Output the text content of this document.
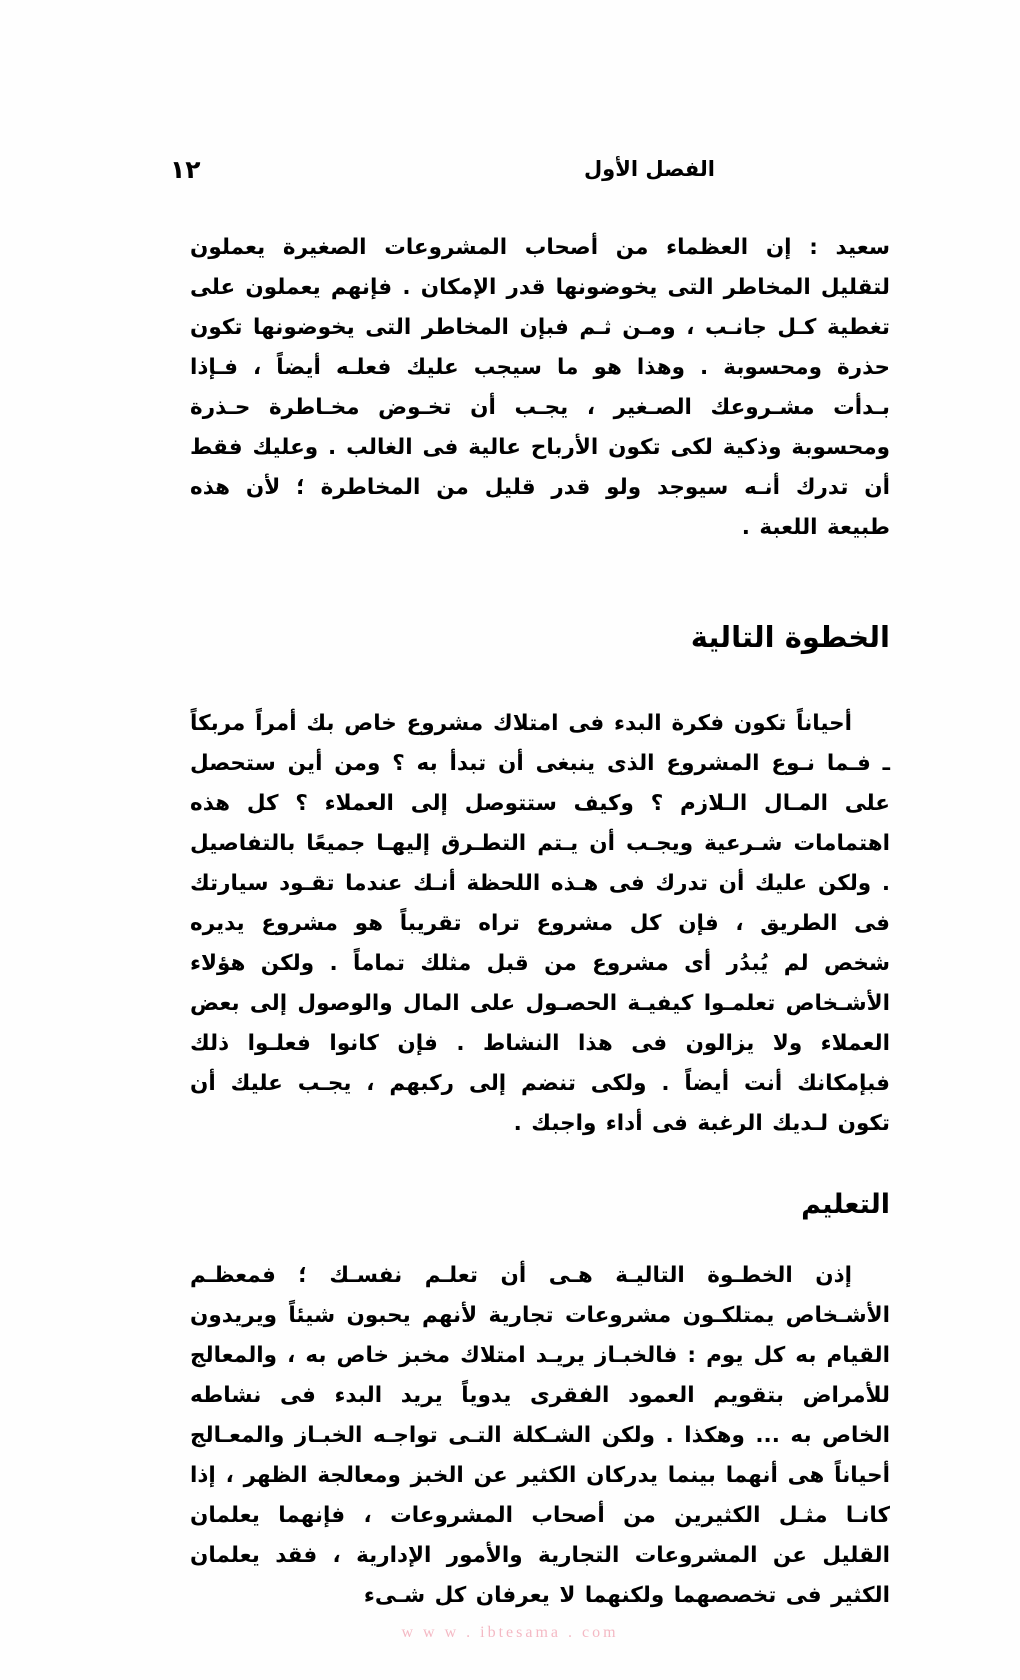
١٢	الفصل الأول

سعيد : إن العظماء من أصحاب المشروعات الصغيرة يعملون لتقليل المخاطر التى يخوضونها قدر الإمكان . فإنهم يعملون على تغطية كـل جانـب ، ومـن ثـم فبإن المخاطر التى يخوضونها تكون حذرة ومحسوبة . وهذا هو ما سيجب عليك فعلـه أيضاً ، فـإذا بـدأت مشـروعك الصـغير ، يجـب أن تخـوض مخـاطرة حـذرة ومحسوبة وذكية لكى تكون الأرباح عالية فى الغالب . وعليك فقط أن تدرك أنـه سيوجد ولو قدر قليل من المخاطرة ؛ لأن هذه طبيعة اللعبة .

الخطوة التالية

أحياناً تكون فكرة البدء فى امتلاك مشروع خاص بك أمراً مربكاً ـ فـما نـوع المشروع الذى ينبغى أن تبدأ به ؟ ومن أين ستحصل على المـال الـلازم ؟ وكيف ستتوصل إلى العملاء ؟ كل هذه اهتمامات شـرعية ويجـب أن يـتم التطـرق إليهـا جميعًا بالتفاصيل . ولكن عليك أن تدرك فى هـذه اللحظة أنـك عندما تقـود سيارتك فى الطريق ، فإن كل مشروع تراه تقريباً هو مشروع يديره شخص لم يُبدُر أى مشروع من قبل مثلك تماماً . ولكن هؤلاء الأشـخاص تعلمـوا كيفيـة الحصـول على المال والوصول إلى بعض العملاء ولا يزالون فى هذا النشاط . فإن كانوا فعلـوا ذلك فبإمكانك أنت أيضاً . ولكى تنضم إلى ركبهم ، يجـب عليك أن تكون لـديك الرغبة فى أداء واجبك .

التعليم

إذن الخطـوة التاليـة هـى أن تعلـم نفسـك ؛ فمعظـم الأشـخاص يمتلكـون مشروعات تجارية لأنهم يحبون شيئاً ويريدون القيام به كل يوم : فالخبـاز يريـد امتلاك مخبز خاص به ، والمعالج للأمراض بتقويم العمود الفقرى يدوياً يريد البدء فى نشاطه الخاص به ... وهكذا . ولكن الشـكلة التـى تواجـه الخبـاز والمعـالج أحياناً هى أنهما بينما يدركان الكثير عن الخبز ومعالجة الظهر ، إذا كانـا مثـل الكثيرين من أصحاب المشروعات ، فإنهما يعلمان القليل عن المشروعات التجارية والأمور الإدارية ، فقد يعلمان الكثير فى تخصصهما ولكنهما لا يعرفان كل شـىء

w w w . ibtesama . com
